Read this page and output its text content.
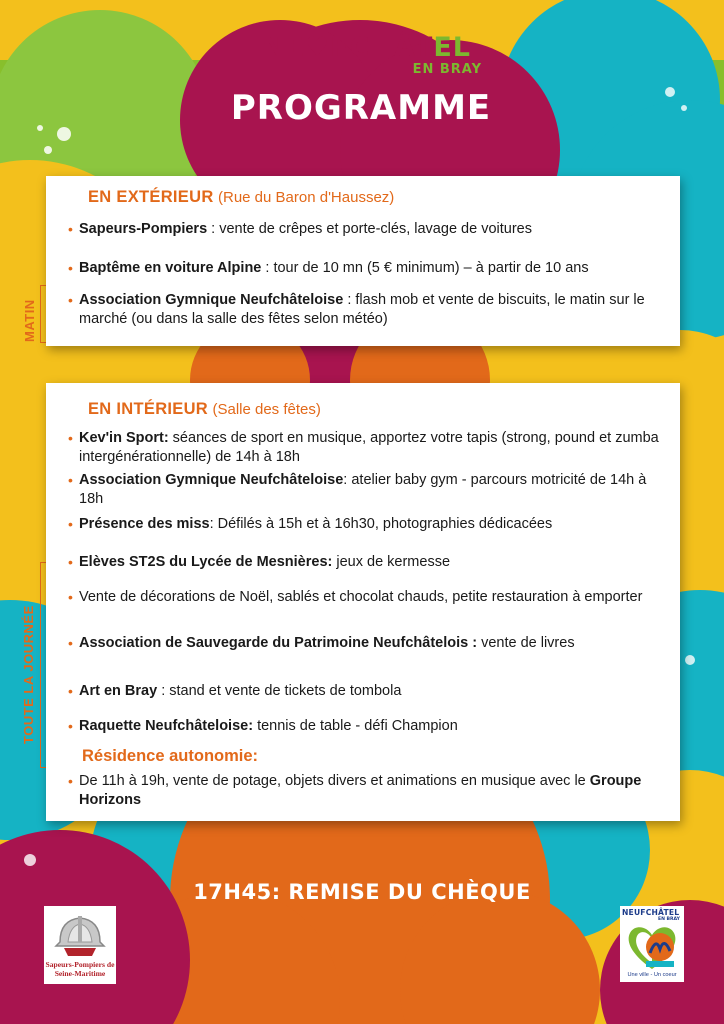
NE♥FCHÂTEL
EN BRAY
PROGRAMME
MATIN
EN EXTÉRIEUR (Rue du Baron d'Haussez)
• Sapeurs-Pompiers : vente de crêpes et porte-clés, lavage de voitures
• Baptême en voiture Alpine : tour de 10 mn (5 € minimum) – à partir de 10 ans
• Association Gymnique Neufchâteloise : flash mob et vente de biscuits, le matin sur le marché (ou dans la salle des fêtes selon météo)
TOUTE LA JOURNÉE
EN INTÉRIEUR (Salle des fêtes)
• Kev'in Sport: séances de sport en musique, apportez votre tapis (strong, pound et zumba intergénérationnelle) de 14h à 18h
• Association Gymnique Neufchâteloise: atelier baby gym - parcours motricité de 14h à 18h
• Présence des miss: Défilés à 15h et à 16h30, photographies dédicacées
• Elèves ST2S du Lycée de Mesnières: jeux de kermesse
• Vente de décorations de Noël, sablés et chocolat chauds, petite restauration à emporter
• Association de Sauvegarde du Patrimoine Neufchâtelois : vente de livres
• Art en Bray : stand et vente de tickets de tombola
• Raquette Neufchâteloise: tennis de table - défi Champion
Résidence autonomie:
• De 11h à 19h, vente de potage, objets divers et animations en musique avec le Groupe Horizons
17H45: REMISE DU CHÈQUE
Sapeurs-Pompiers de Seine-Maritime
NEUFCHÂTEL
EN BRAY
Une ville - Un coeur
